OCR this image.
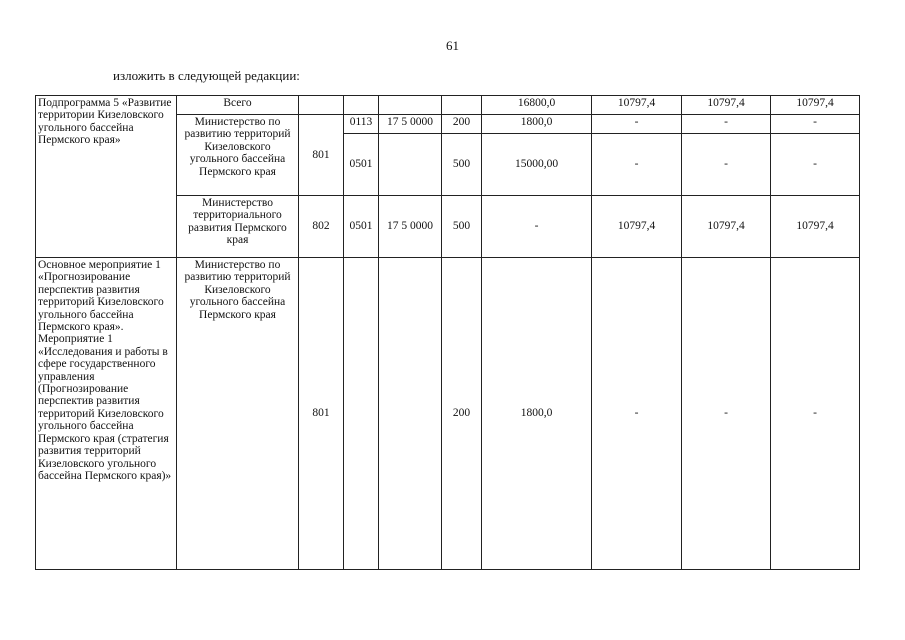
61
изложить в следующей редакции:
Подпрограмма 5 «Развитие территории Кизеловского угольного бассейна Пермского края»	Всего					16800,0	10797,4	10797,4	10797,4
	Министерство по развитию территорий Кизеловского угольного бассейна Пермского края	801	0113	17 5 0000	200	1800,0	-	-	-
			0501		500	15000,00	-	-	-
	Министерство территориального развития Пермского края	802	0501	17 5 0000	500	-	10797,4	10797,4	10797,4
Основное мероприятие 1 «Прогнозирование перспектив развития территорий Кизеловского угольного бассейна Пермского края». Мероприятие 1 «Исследования и работы в сфере государственного управления (Прогнозирование перспектив развития территорий Кизеловского угольного бассейна Пермского края (стратегия развития территорий Кизеловского угольного бассейна Пермского края)»	Министерство по развитию территорий Кизеловского угольного бассейна Пермского края	801			200	1800,0	-	-	-
